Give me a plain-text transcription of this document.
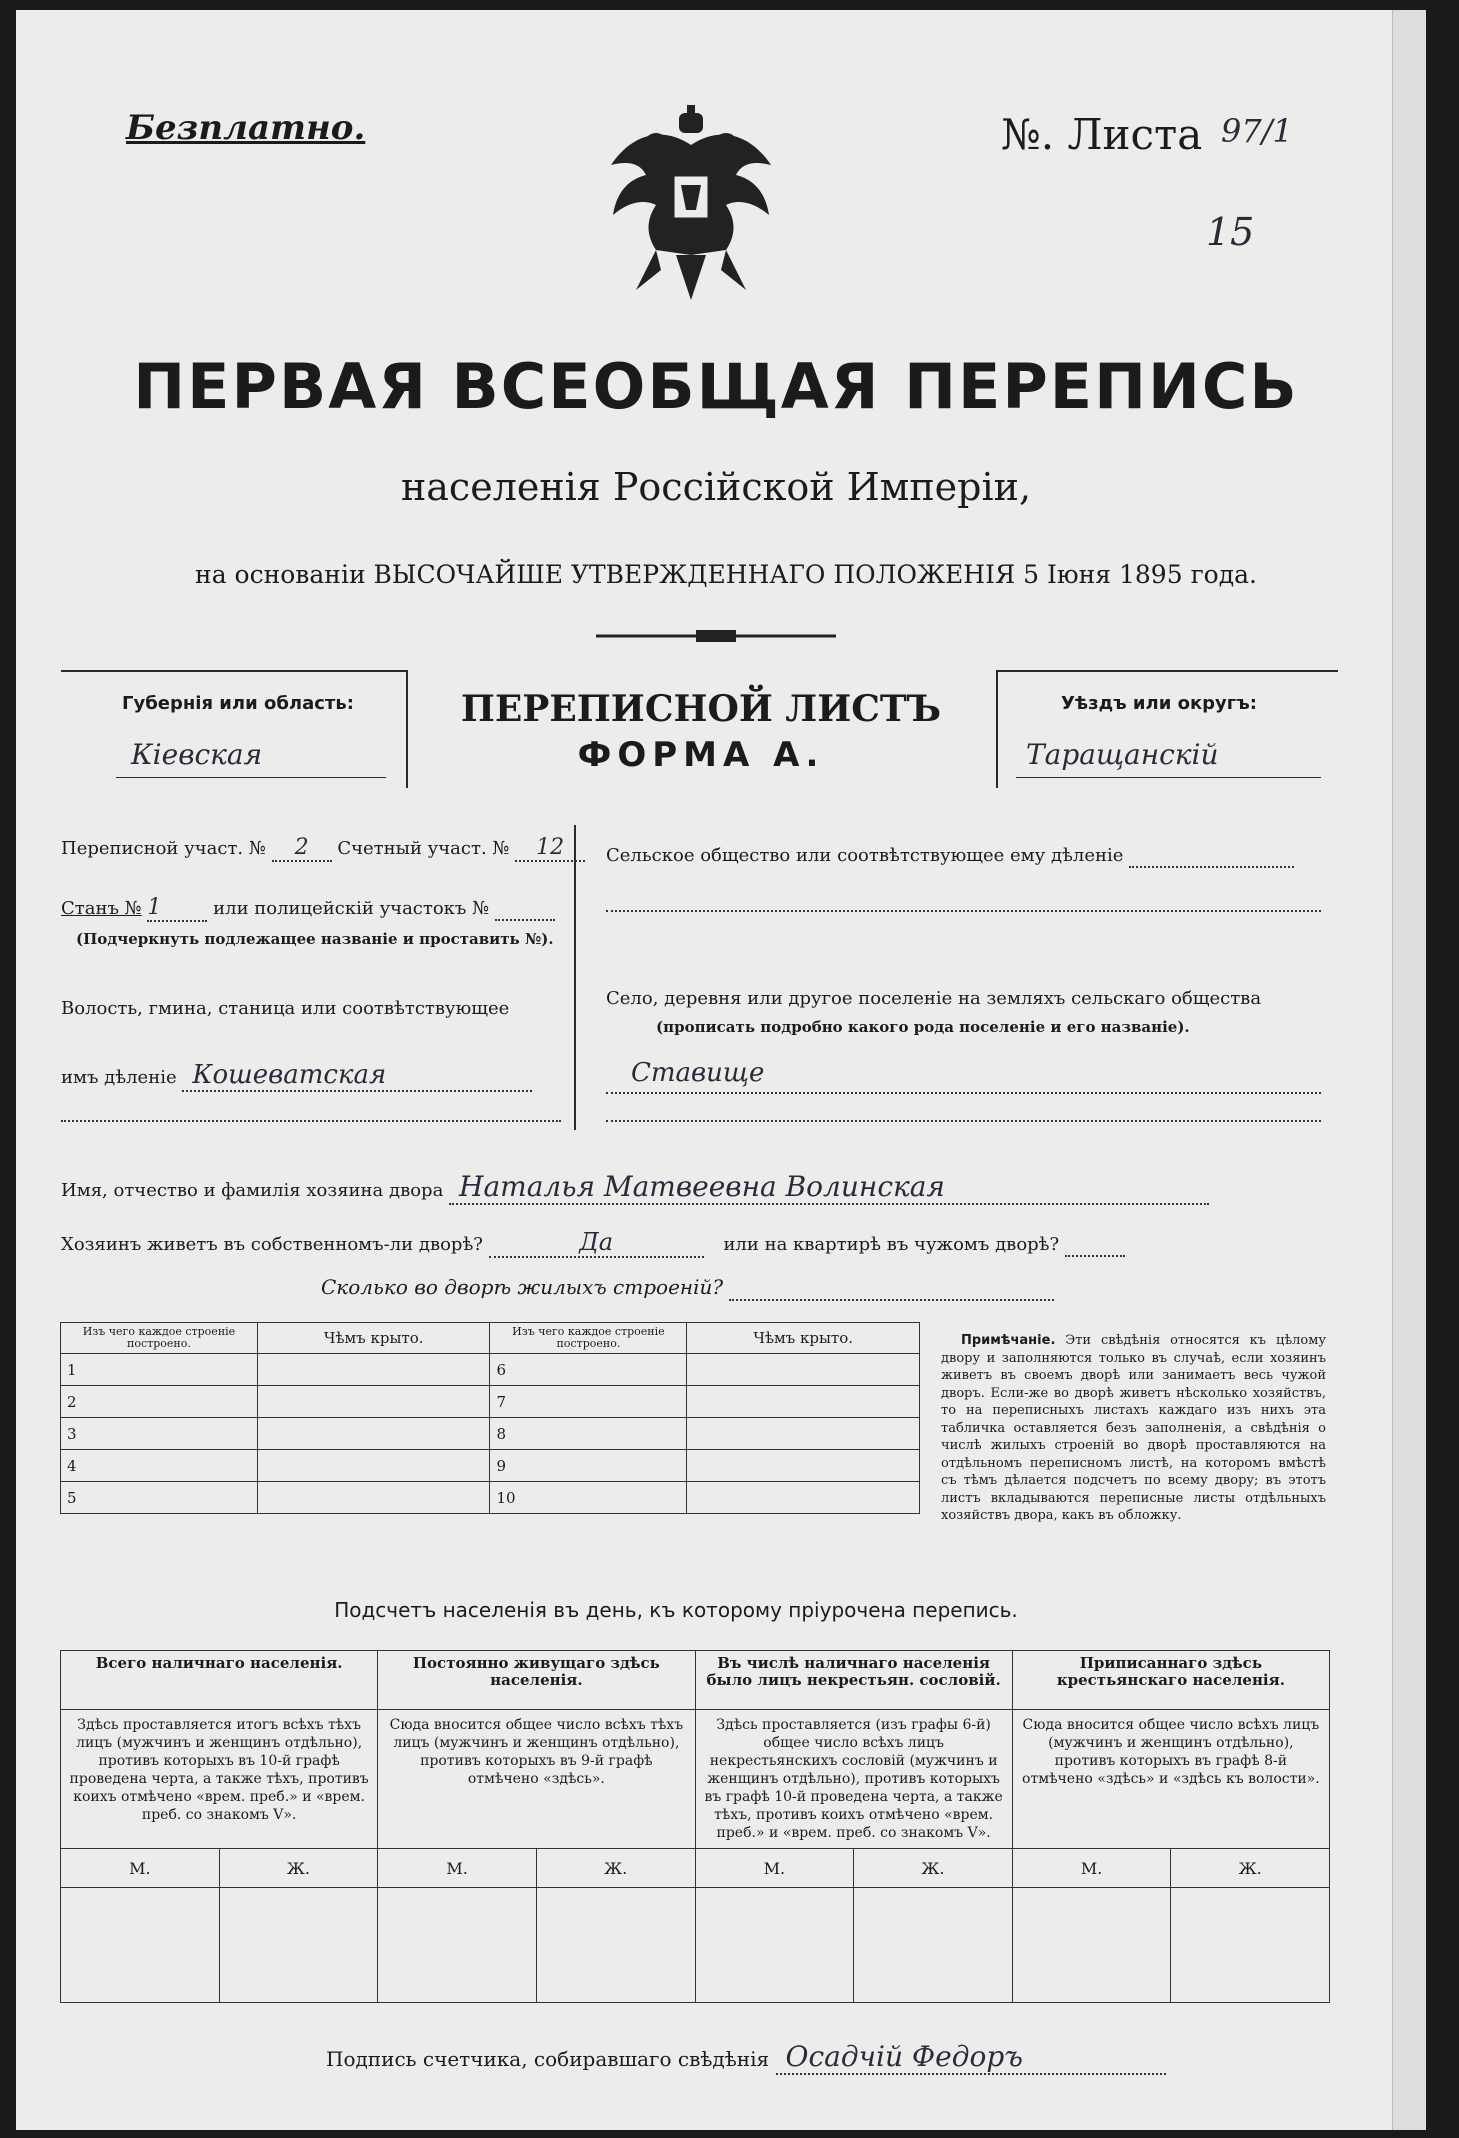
Безплатно.	№. Листа 97/1
15
ПЕРВАЯ ВСЕОБЩАЯ ПЕРЕПИСЬ
населенія Россійской Имперіи,
на основаніи ВЫСОЧАЙШЕ УТВЕРЖДЕННАГО ПОЛОЖЕНІЯ 5 Іюня 1895 года.
Губернія или область:
Кіевская
ПЕРЕПИСНОЙ ЛИСТЪ
ФОРМА А.
Уѣздъ или округъ:
Таращанскій
Переписной участ. № 2 Счетный участ. № 12
Станъ № 1	или полицейскій участокъ №
(Подчеркнуть подлежащее названіе и проставить №).
Волость, гмина, станица или соотвѣтствующее
имъ дѣленіе Кошеватская
Сельское общество или соотвѣтствующее ему дѣленіе
Село, деревня или другое поселеніе на земляхъ сельскаго общества
(прописать подробно какого рода поселеніе и его названіе).
Ставище
Имя, отчество и фамилія хозяина двора Наталья Матвеевна Волинская
Хозяинъ живетъ въ собственномъ-ли дворѣ?	Да	или на квартирѣ въ чужомъ дворѣ?
Сколько во дворѣ жилыхъ строеній?
Изъ чего каждое строеніе построено.	Чѣмъ крыто.	Изъ чего каждое строеніе построено.	Чѣмъ крыто.
1		6	
2		7	
3		8	
4		9	
5		10	
Примѣчаніе. Эти свѣдѣнія относятся къ цѣлому двору и заполняются только въ случаѣ, если хозяинъ живетъ въ своемъ дворѣ или занимаетъ весь чужой дворъ. Если-же во дворѣ живетъ нѣсколько хозяйствъ, то на переписныхъ листахъ каждаго изъ нихъ эта табличка оставляется безъ заполненія, а свѣдѣнія о числѣ жилыхъ строеній во дворѣ проставляются на отдѣльномъ переписномъ листѣ, на которомъ вмѣстѣ съ тѣмъ дѣлается подсчетъ по всему двору; въ этотъ листъ вкладываются переписные листы отдѣльныхъ хозяйствъ двора, какъ въ обложку.
Подсчетъ населенія въ день, къ которому пріурочена перепись.
Всего наличнаго населенія.		Постоянно живущаго здѣсь населенія.		Въ числѣ наличнаго населенія было лицъ некрестьян. сословій.		Приписаннаго здѣсь крестьянскаго населенія.	
Здѣсь проставляется итогъ всѣхъ тѣхъ лицъ (мужчинъ и женщинъ отдѣльно), противъ которыхъ въ 10-й графѣ проведена черта, а также тѣхъ, противъ коихъ отмѣчено «врем. преб.» и «врем. преб. со знакомъ V».		Сюда вносится общее число всѣхъ тѣхъ лицъ (мужчинъ и женщинъ отдѣльно), противъ которыхъ въ 9-й графѣ отмѣчено «здѣсь».		Здѣсь проставляется (изъ графы 6-й) общее число всѣхъ лицъ некрестьянскихъ сословій (мужчинъ и женщинъ отдѣльно), противъ которыхъ въ графѣ 10-й проведена черта, а также тѣхъ, противъ коихъ отмѣчено «врем. преб.» и «врем. преб. со знакомъ V».		Сюда вносится общее число всѣхъ лицъ (мужчинъ и женщинъ отдѣльно), противъ которыхъ въ графѣ 8-й отмѣчено «здѣсь» и «здѣсь къ волости».	
М.	Ж.	М.	Ж.	М.	Ж.	М.	Ж.

Подпись счетчика, собиравшаго свѣдѣнія Осадчій Федоръ
